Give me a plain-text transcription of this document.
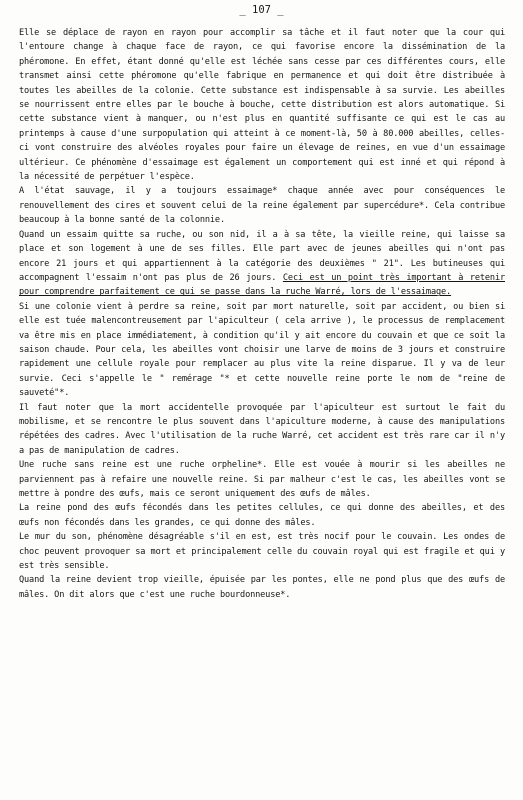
_ 107 _

Elle se déplace de rayon en rayon pour accomplir sa tâche et il faut noter que la cour qui l'entoure change à chaque face de rayon, ce qui favorise encore la dissémination de la phéromone. En effet, étant donné qu'elle est léchée sans cesse par ces différentes cours, elle transmet ainsi cette phéromone qu'elle fabrique en permanence et qui doit être distribuée à toutes les abeilles de la colonie. Cette substance est indispensable à sa survie. Les abeilles se nourrissent entre elles par le bouche à bouche, cette distribution est alors automatique. Si cette substance vient à manquer, ou n'est plus en quantité suffisante ce qui est le cas au printemps à cause d'une surpopulation qui atteint à ce moment-là, 50 à 80.000 abeilles, celles-ci vont construire des alvéoles royales pour faire un élevage de reines, en vue d'un essaimage ultérieur. Ce phénomène d'essaimage est également un comportement qui est inné et qui répond à la nécessité de perpétuer l'espèce.

A l'état sauvage, il y a toujours essaimage* chaque année avec pour conséquences le renouvellement des cires et souvent celui de la reine également par supercédure*. Cela contribue beaucoup à la bonne santé de la colonnie.

Quand un essaim quitte sa ruche, ou son nid, il a à sa tête, la vieille reine, qui laisse sa place et son logement à une de ses filles. Elle part avec de jeunes abeilles qui n'ont pas encore 21 jours et qui appartiennent à la catégorie des deuxièmes " 21". Les butineuses qui accompagnent l'essaim n'ont pas plus de 26 jours. Ceci est un point très important à retenir pour comprendre parfaitement ce qui se passe dans la ruche Warré, lors de l'essaimage.

Si une colonie vient à perdre sa reine, soit par mort naturelle, soit par accident, ou bien si elle est tuée malencontreusement par l'apiculteur ( cela arrive ), le processus de remplacement va être mis en place immédiatement, à condition qu'il y ait encore du couvain et que ce soit la saison chaude. Pour cela, les abeilles vont choisir une larve de moins de 3 jours et construire rapidement une cellule royale pour remplacer au plus vite la reine disparue. Il y va de leur survie. Ceci s'appelle le " remérage "* et cette nouvelle reine porte le nom de "reine de sauveté"*.

Il faut noter que la mort accidentelle provoquée par l'apiculteur est surtout le fait du mobilisme, et se rencontre le plus souvent dans l'apiculture moderne, à cause des manipulations répétées des cadres. Avec l'utilisation de la ruche Warré, cet accident est très rare car il n'y a pas de manipulation de cadres.

Une ruche sans reine est une ruche orpheline*. Elle est vouée à mourir si les abeilles ne parviennent pas à refaire une nouvelle reine. Si par malheur c'est le cas, les abeilles vont se mettre à pondre des œufs, mais ce seront uniquement des œufs de mâles.

La reine pond des œufs fécondés dans les petites cellules, ce qui donne des abeilles, et des œufs non fécondés dans les grandes, ce qui donne des mâles.

Le mur du son, phénomène désagréable s'il en est, est très nocif pour le couvain. Les ondes de choc peuvent provoquer sa mort et principalement celle du couvain royal qui est fragile et qui y est très sensible.

Quand la reine devient trop vieille, épuisée par les pontes, elle ne pond plus que des œufs de mâles. On dit alors que c'est une ruche bourdonneuse*.
